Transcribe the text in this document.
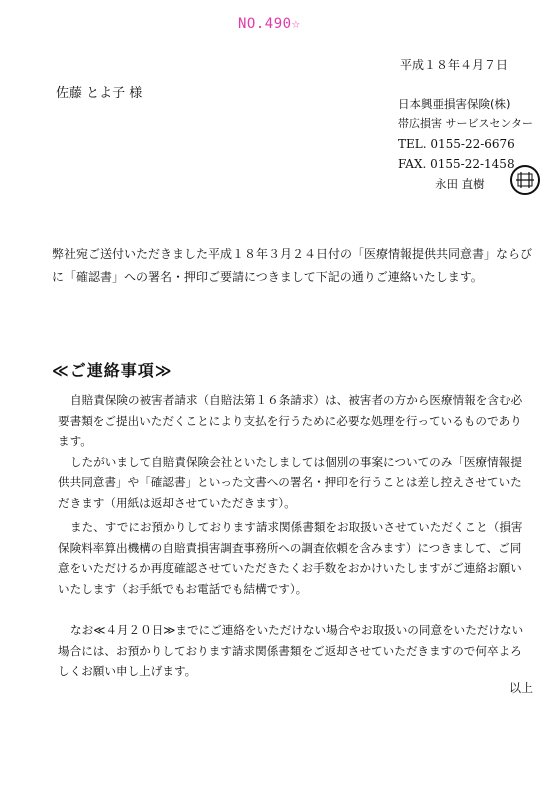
NO.490☆
平成１８年４月７日
佐藤 とよ子 様
日本興亜損害保険(株)
帯広損害 サービスセンター
TEL. 0155-22-6676
FAX. 0155-22-1458
永田 直樹
弊社宛ご送付いただきました平成１８年３月２４日付の「医療情報提供共同意書」ならびに「確認書」への署名・押印ご要請につきまして下記の通りご連絡いたします。
≪ご連絡事項≫
自賠責保険の被害者請求（自賠法第１６条請求）は、被害者の方から医療情報を含む必要書類をご提出いただくことにより支払を行うために必要な処理を行っているものであります。
したがいまして自賠責保険会社といたしましては個別の事案についてのみ「医療情報提供共同意書」や「確認書」といった文書への署名・押印を行うことは差し控えさせていただきます（用紙は返却させていただきます）。
また、すでにお預かりしております請求関係書類をお取扱いさせていただくこと（損害保険料率算出機構の自賠責損害調査事務所への調査依頼を含みます）につきまして、ご同意をいただけるか再度確認させていただきたくお手数をおかけいたしますがご連絡お願いいたします（お手紙でもお電話でも結構です）。
なお≪４月２０日≫までにご連絡をいただけない場合やお取扱いの同意をいただけない場合には、お預かりしております請求関係書類をご返却させていただきますので何卒よろしくお願い申し上げます。
以上
